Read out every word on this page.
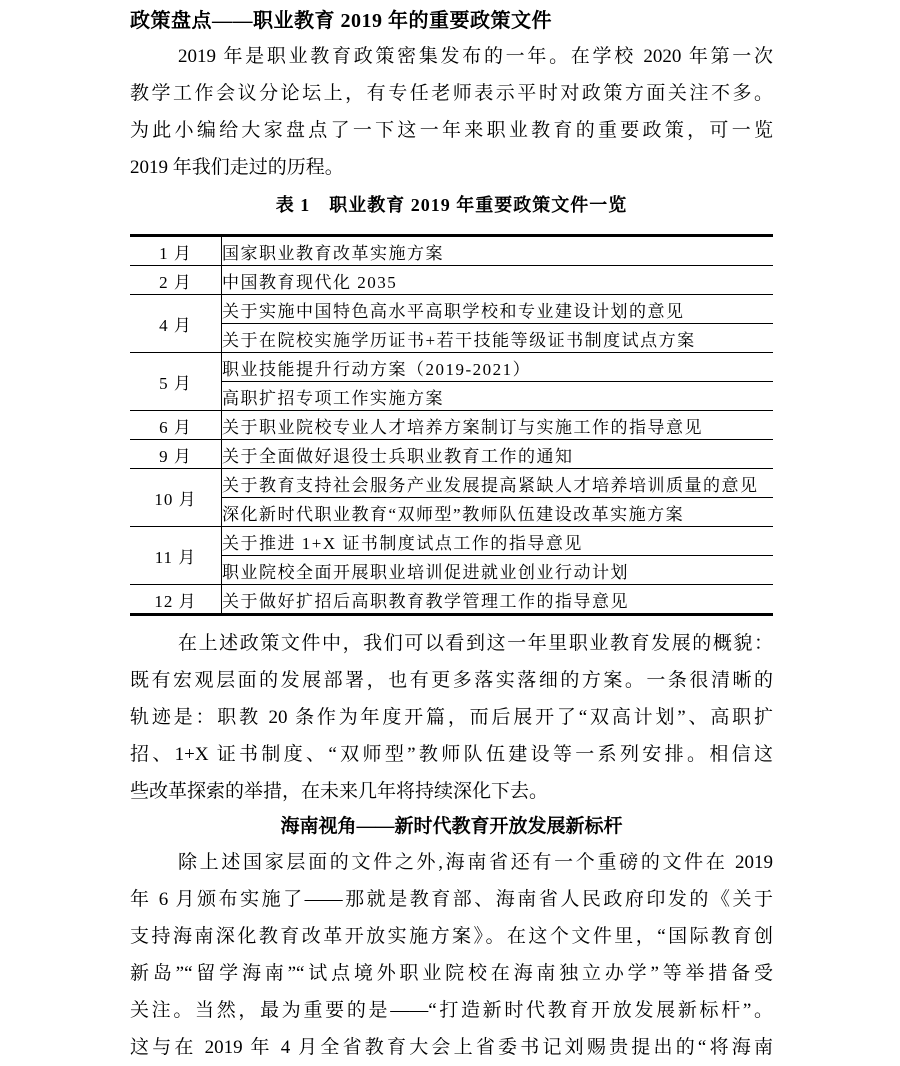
政策盘点——职业教育 2019 年的重要政策文件
2019 年是职业教育政策密集发布的一年。在学校 2020 年第一次
教学工作会议分论坛上，有专任老师表示平时对政策方面关注不多。
为此小编给大家盘点了一下这一年来职业教育的重要政策，可一览
2019 年我们走过的历程。
表 1　职业教育 2019 年重要政策文件一览
1 月	国家职业教育改革实施方案
2 月	中国教育现代化 2035
4 月	关于实施中国特色高水平高职学校和专业建设计划的意见
	关于在院校实施学历证书+若干技能等级证书制度试点方案
5 月	职业技能提升行动方案（2019-2021）
	高职扩招专项工作实施方案
6 月	关于职业院校专业人才培养方案制订与实施工作的指导意见
9 月	关于全面做好退役士兵职业教育工作的通知
10 月	关于教育支持社会服务产业发展提高紧缺人才培养培训质量的意见
	深化新时代职业教育“双师型”教师队伍建设改革实施方案
11 月	关于推进 1+X 证书制度试点工作的指导意见
	职业院校全面开展职业培训促进就业创业行动计划
12 月	关于做好扩招后高职教育教学管理工作的指导意见
在上述政策文件中，我们可以看到这一年里职业教育发展的概貌：
既有宏观层面的发展部署，也有更多落实落细的方案。一条很清晰的
轨迹是：职教 20 条作为年度开篇，而后展开了“双高计划”、高职扩
招、1+X 证书制度、“双师型”教师队伍建设等一系列安排。相信这
些改革探索的举措，在未来几年将持续深化下去。
海南视角——新时代教育开放发展新标杆
除上述国家层面的文件之外,海南省还有一个重磅的文件在 2019
年 6 月颁布实施了——那就是教育部、海南省人民政府印发的《关于
支持海南深化教育改革开放实施方案》。在这个文件里，“国际教育创
新岛”“留学海南”“试点境外职业院校在海南独立办学”等举措备受
关注。当然，最为重要的是——“打造新时代教育开放发展新标杆”。
这与在 2019 年 4 月全省教育大会上省委书记刘赐贵提出的“将海南
